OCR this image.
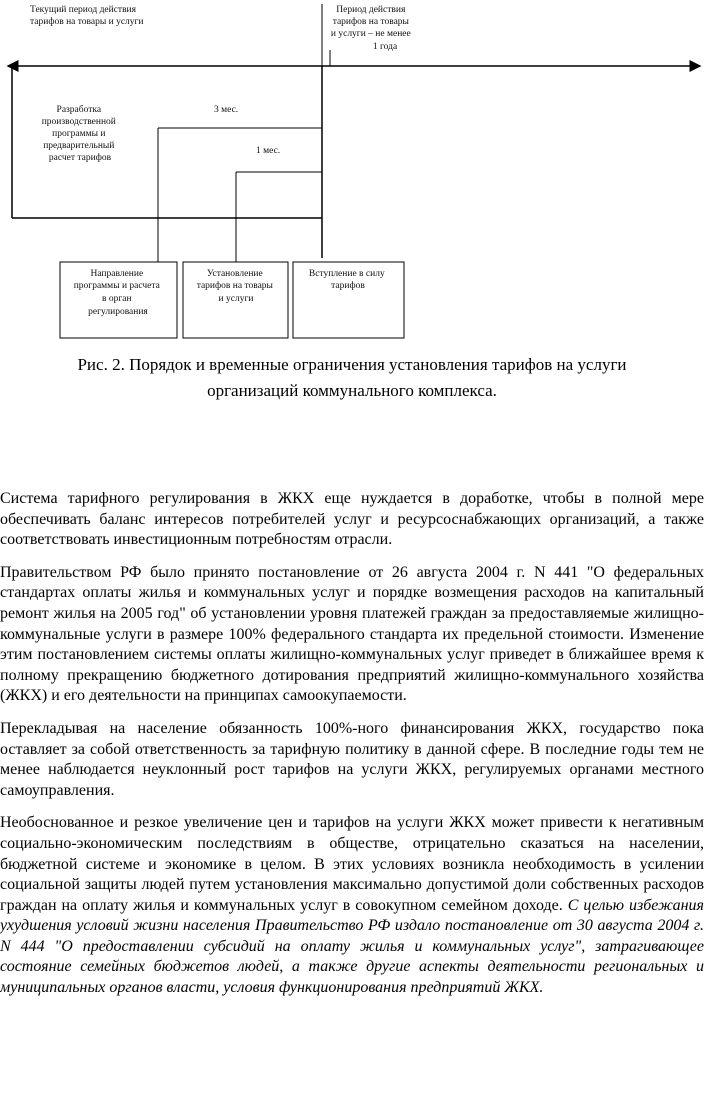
Текущий период действия тарифов на товары и услуги
Период действия тарифов на товары и услуги – не менее 1 года
Разработка производственной программы и предварительный расчет тарифов
3 мес.
1 мес.
Направление программы и расчета в орган регулирования
Установление тарифов на товары и услуги
Вступление в силу тарифов
Рис. 2. Порядок и временные ограничения установления тарифов на услуги
организаций коммунального комплекса.

Система тарифного регулирования в ЖКХ еще нуждается в доработке, чтобы в полной мере обеспечивать баланс интересов потребителей услуг и ресурсоснабжающих организаций, а также соответствовать инвестиционным потребностям отрасли.

Правительством РФ было принято постановление от 26 августа 2004 г. N 441 "О федеральных стандартах оплаты жилья и коммунальных услуг и порядке возмещения расходов на капитальный ремонт жилья на 2005 год" об установлении уровня платежей граждан за предоставляемые жилищно-коммунальные услуги в размере 100% федерального стандарта их предельной стоимости. Изменение этим постановлением системы оплаты жилищно-коммунальных услуг приведет в ближайшее время к полному прекращению бюджетного дотирования предприятий жилищно-коммунального хозяйства (ЖКХ) и его деятельности на принципах самоокупаемости.

Перекладывая на население обязанность 100%-ного финансирования ЖКХ, государство пока оставляет за собой ответственность за тарифную политику в данной сфере. В последние годы тем не менее наблюдается неуклонный рост тарифов на услуги ЖКХ, регулируемых органами местного самоуправления.

Необоснованное и резкое увеличение цен и тарифов на услуги ЖКХ может привести к негативным социально-экономическим последствиям в обществе, отрицательно сказаться на населении, бюджетной системе и экономике в целом. В этих условиях возникла необходимость в усилении социальной защиты людей путем установления максимально допустимой доли собственных расходов граждан на оплату жилья и коммунальных услуг в совокупном семейном доходе. С целью избежания ухудшения условий жизни населения Правительство РФ издало постановление от 30 августа 2004 г. N 444 "О предоставлении субсидий на оплату жилья и коммунальных услуг", затрагивающее состояние семейных бюджетов людей, а также другие аспекты деятельности региональных и муниципальных органов власти, условия функционирования предприятий ЖКХ.
